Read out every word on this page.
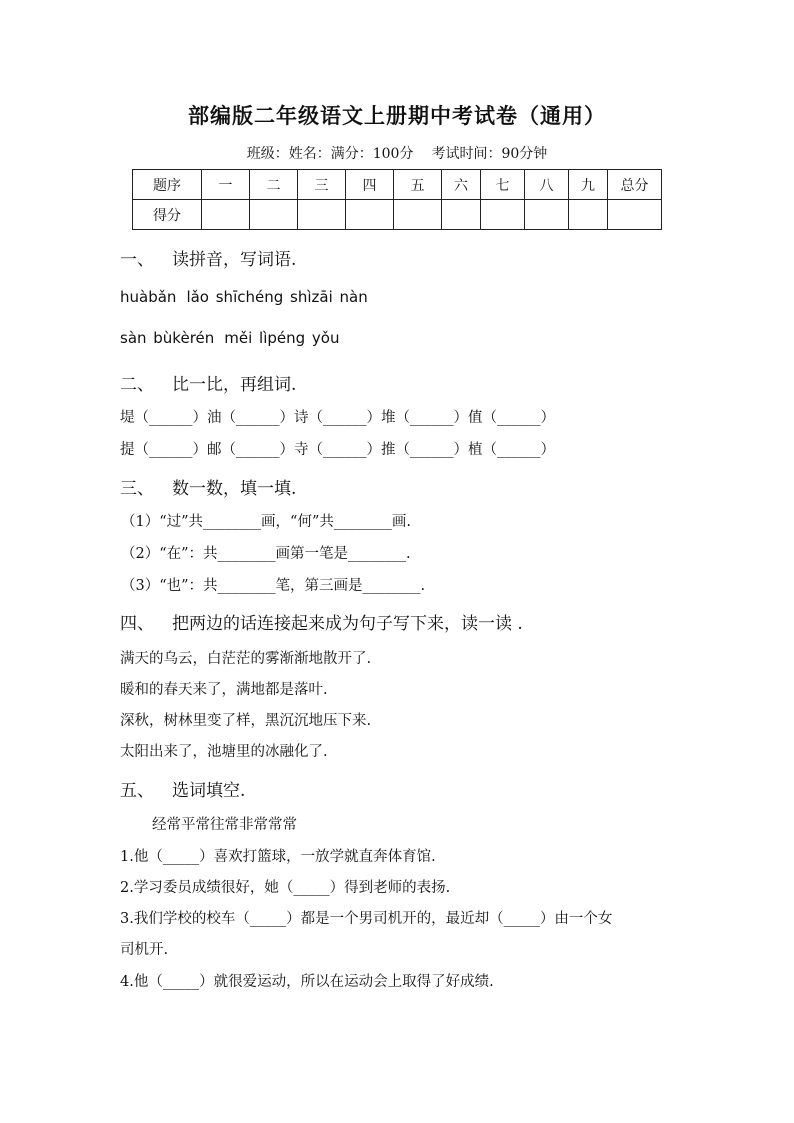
部编版二年级语文上册期中考试卷（通用）
班级：姓名：满分：100分 考试时间：90分钟
题序	一	二	三	四	五	六	七	八	九	总分
得分										
一、 读拼音，写词语.
huàbǎn lǎo shīchéng shìzāi nàn
sàn bùkèrén měi lìpéng yǒu
二、 比一比，再组词.
堤（______）油（______）诗（______）堆（______）值（______）
提（______）邮（______）寺（______）推（______）植（______）
三、 数一数，填一填.
（1）“过”共________画，“何”共________画.
（2）“在”：共________画第一笔是________.
（3）“也”：共________笔，第三画是________.
四、 把两边的话连接起来成为句子写下来，读一读 .
满天的乌云，白茫茫的雾渐渐地散开了.
暖和的春天来了，满地都是落叶.
深秋，树林里变了样，黑沉沉地压下来.
太阳出来了，池塘里的冰融化了.
五、 选词填空.
经常平常往常非常常常
1.他（_____）喜欢打篮球，一放学就直奔体育馆.
2.学习委员成绩很好，她（_____）得到老师的表扬.
3.我们学校的校车（_____）都是一个男司机开的，最近却（_____）由一个女
司机开.
4.他（_____）就很爱运动，所以在运动会上取得了好成绩.
